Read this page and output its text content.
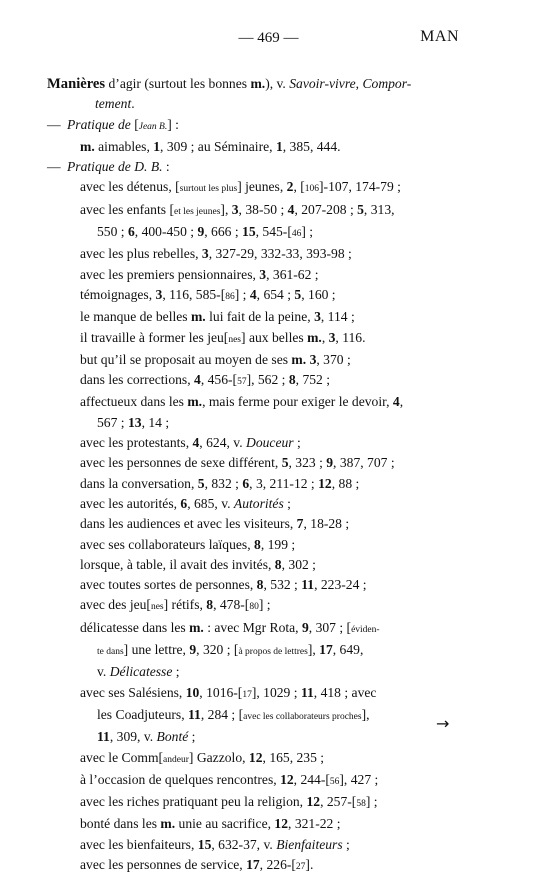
— 469 —	MAN
Manières d’agir (surtout les bonnes m.), v. Savoir-vivre, Compor-
tement.
— Pratique de [Jean B.] :
m. aimables, 1, 309 ; au Séminaire, 1, 385, 444.
— Pratique de D. B. :
avec les détenus, [surtout les plus] jeunes, 2, [106]-107, 174-79 ;
avec les enfants [et les jeunes], 3, 38-50 ; 4, 207-208 ; 5, 313,
550 ; 6, 400-450 ; 9, 666 ; 15, 545-[46] ;
avec les plus rebelles, 3, 327-29, 332-33, 393-98 ;
avec les premiers pensionnaires, 3, 361-62 ;
témoignages, 3, 116, 585-[86] ; 4, 654 ; 5, 160 ;
le manque de belles m. lui fait de la peine, 3, 114 ;
il travaille à former les jeu[nes] aux belles m., 3, 116.
but qu’il se proposait au moyen de ses m. 3, 370 ;
dans les corrections, 4, 456-[57], 562 ; 8, 752 ;
affectueux dans les m., mais ferme pour exiger le devoir, 4,
567 ; 13, 14 ;
avec les protestants, 4, 624, v. Douceur ;
avec les personnes de sexe différent, 5, 323 ; 9, 387, 707 ;
dans la conversation, 5, 832 ; 6, 3, 211-12 ; 12, 88 ;
avec les autorités, 6, 685, v. Autorités ;
dans les audiences et avec les visiteurs, 7, 18-28 ;
avec ses collaborateurs laïques, 8, 199 ;
lorsque, à table, il avait des invités, 8, 302 ;
avec toutes sortes de personnes, 8, 532 ; 11, 223-24 ;
avec des jeu[nes] rétifs, 8, 478-[80] ;
délicatesse dans les m. : avec Mgr Rota, 9, 307 ; [éviden-
te dans] une lettre, 9, 320 ; [à propos de lettres], 17, 649,
v. Délicatesse ;
avec ses Salésiens, 10, 1016-[17], 1029 ; 11, 418 ; avec
les Coadjuteurs, 11, 284 ; [avec les collaborateurs proches],
11, 309, v. Bonté ;
avec le Comm[andeur] Gazzolo, 12, 165, 235 ;
à l’occasion de quelques rencontres, 12, 244-[56], 427 ;
avec les riches pratiquant peu la religion, 12, 257-[58] ;
bonté dans les m. unie au sacrifice, 12, 321-22 ;
avec les bienfaiteurs, 15, 632-37, v. Bienfaiteurs ;
avec les personnes de service, 17, 226-[27].
→
